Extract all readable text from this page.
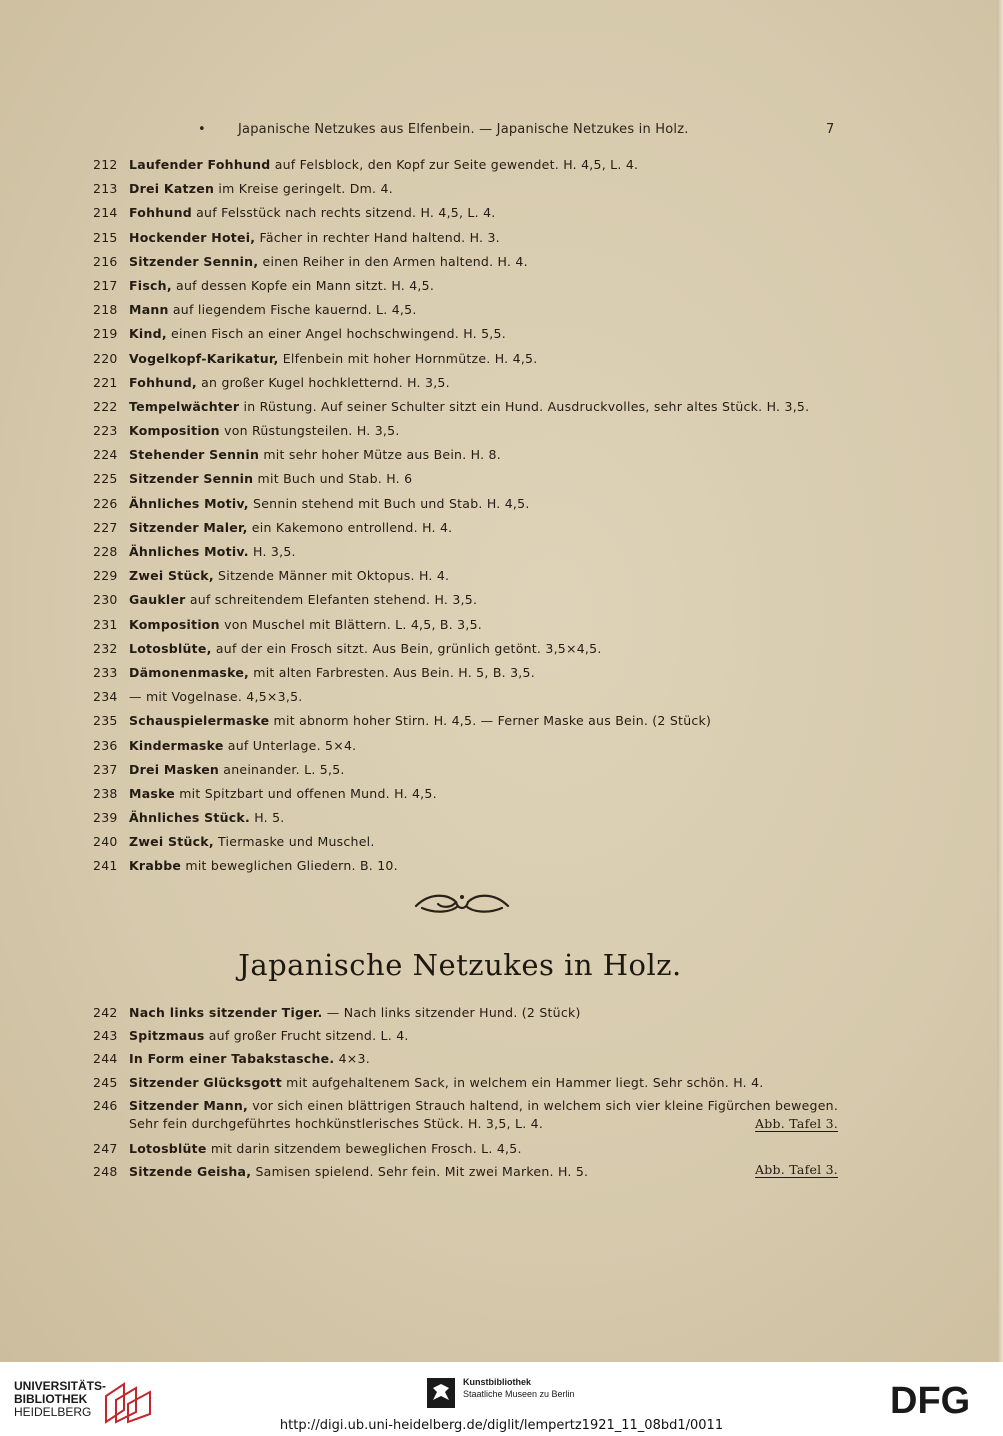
• Japanische Netzukes aus Elfenbein. — Japanische Netzukes in Holz.	7
212 Laufender Fohhund auf Felsblock, den Kopf zur Seite gewendet. H. 4,5, L. 4.
213 Drei Katzen im Kreise geringelt. Dm. 4.
214 Fohhund auf Felsstück nach rechts sitzend. H. 4,5, L. 4.
215 Hockender Hotei, Fächer in rechter Hand haltend. H. 3.
216 Sitzender Sennin, einen Reiher in den Armen haltend. H. 4.
217 Fisch, auf dessen Kopfe ein Mann sitzt. H. 4,5.
218 Mann auf liegendem Fische kauernd. L. 4,5.
219 Kind, einen Fisch an einer Angel hochschwingend. H. 5,5.
220 Vogelkopf-Karikatur, Elfenbein mit hoher Hornmütze. H. 4,5.
221 Fohhund, an großer Kugel hochkletternd. H. 3,5.
222 Tempelwächter in Rüstung. Auf seiner Schulter sitzt ein Hund. Ausdruckvolles, sehr altes Stück. H. 3,5.
223 Komposition von Rüstungsteilen. H. 3,5.
224 Stehender Sennin mit sehr hoher Mütze aus Bein. H. 8.
225 Sitzender Sennin mit Buch und Stab. H. 6
226 Ähnliches Motiv, Sennin stehend mit Buch und Stab. H. 4,5.
227 Sitzender Maler, ein Kakemono entrollend. H. 4.
228 Ähnliches Motiv. H. 3,5.
229 Zwei Stück, Sitzende Männer mit Oktopus. H. 4.
230 Gaukler auf schreitendem Elefanten stehend. H. 3,5.
231 Komposition von Muschel mit Blättern. L. 4,5, B. 3,5.
232 Lotosblüte, auf der ein Frosch sitzt. Aus Bein, grünlich getönt. 3,5×4,5.
233 Dämonenmaske, mit alten Farbresten. Aus Bein. H. 5, B. 3,5.
234 — mit Vogelnase. 4,5×3,5.
235 Schauspielermaske mit abnorm hoher Stirn. H. 4,5. — Ferner Maske aus Bein. (2 Stück)
236 Kindermaske auf Unterlage. 5×4.
237 Drei Masken aneinander. L. 5,5.
238 Maske mit Spitzbart und offenen Mund. H. 4,5.
239 Ähnliches Stück. H. 5.
240 Zwei Stück, Tiermaske und Muschel.
241 Krabbe mit beweglichen Gliedern. B. 10.
Japanische Netzukes in Holz.
242 Nach links sitzender Tiger. — Nach links sitzender Hund. (2 Stück)
243 Spitzmaus auf großer Frucht sitzend. L. 4.
244 In Form einer Tabakstasche. 4×3.
245 Sitzender Glücksgott mit aufgehaltenem Sack, in welchem ein Hammer liegt. Sehr schön. H. 4.
246 Sitzender Mann, vor sich einen blättrigen Strauch haltend, in welchem sich vier kleine Figürchen bewegen.
Sehr fein durchgeführtes hochkünstlerisches Stück. H. 3,5, L. 4.	Abb. Tafel 3.
247 Lotosblüte mit darin sitzendem beweglichen Frosch. L. 4,5.
248 Sitzende Geisha, Samisen spielend. Sehr fein. Mit zwei Marken. H. 5.	Abb. Tafel 3.
UNIVERSITÄTS-
BIBLIOTHEK
HEIDELBERG
Kunstbibliothek
Staatliche Museen zu Berlin	DFG
http://digi.ub.uni-heidelberg.de/diglit/lempertz1921_11_08bd1/0011
